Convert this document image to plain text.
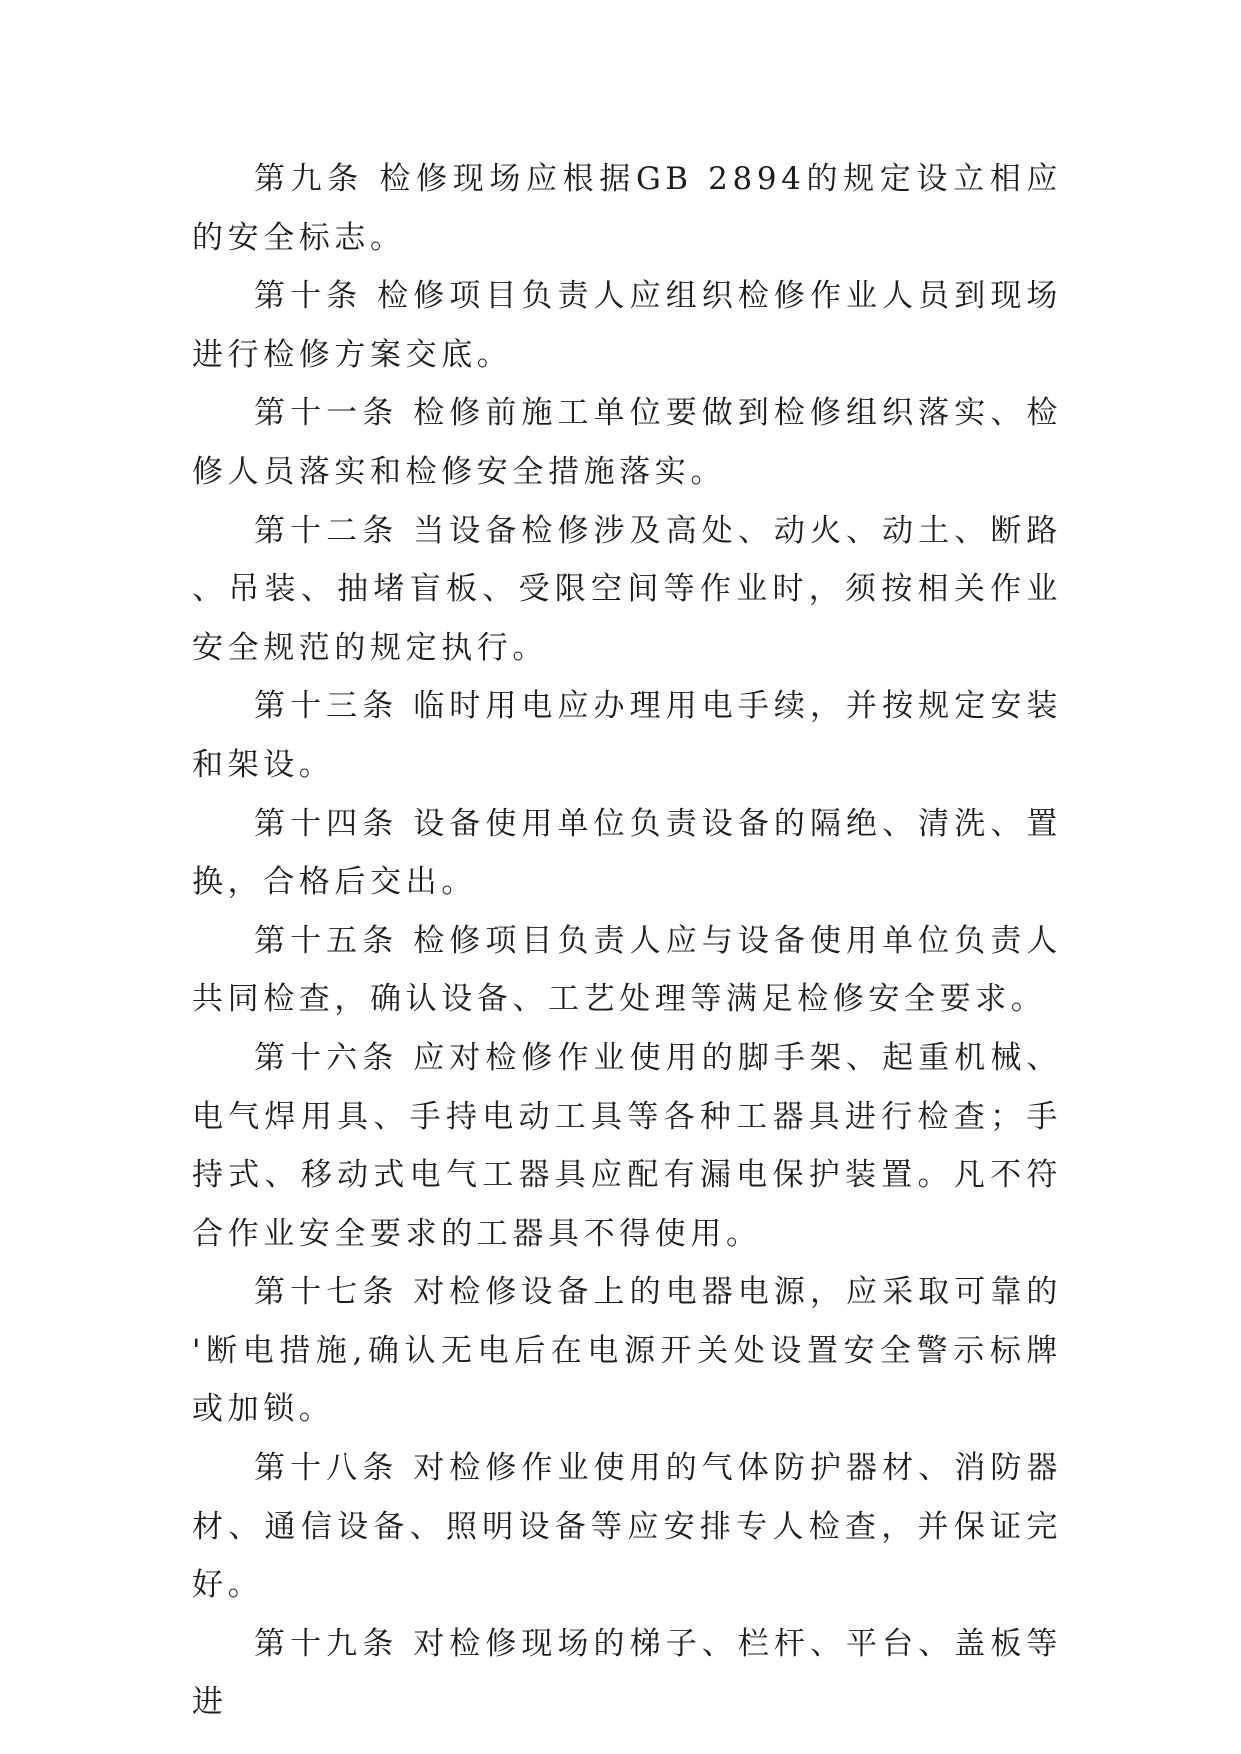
第九条 检修现场应根据GB 2894的规定设立相应的安全标志。

第十条 检修项目负责人应组织检修作业人员到现场进行检修方案交底。

第十一条 检修前施工单位要做到检修组织落实、检修人员落实和检修安全措施落实。

第十二条 当设备检修涉及高处、动火、动土、断路、吊装、抽堵盲板、受限空间等作业时，须按相关作业安全规范的规定执行。

第十三条 临时用电应办理用电手续，并按规定安装和架设。

第十四条 设备使用单位负责设备的隔绝、清洗、置换，合格后交出。

第十五条 检修项目负责人应与设备使用单位负责人共同检查，确认设备、工艺处理等满足检修安全要求。

第十六条 应对检修作业使用的脚手架、起重机械、电气焊用具、手持电动工具等各种工器具进行检查；手持式、移动式电气工器具应配有漏电保护装置。凡不符合作业安全要求的工器具不得使用。

第十七条 对检修设备上的电器电源，应采取可靠的'断电措施,确认无电后在电源开关处设置安全警示标牌或加锁。

第十八条 对检修作业使用的气体防护器材、消防器材、通信设备、照明设备等应安排专人检查，并保证完好。

第十九条 对检修现场的梯子、栏杆、平台、盖板等进
